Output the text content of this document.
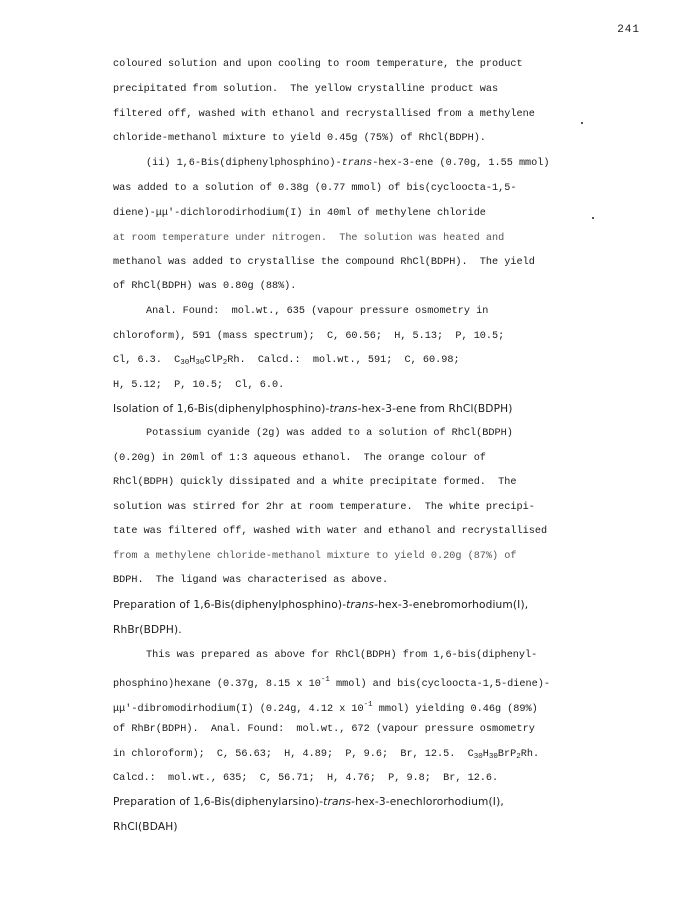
241
coloured solution and upon cooling to room temperature, the product
precipitated from solution.  The yellow crystalline product was
filtered off, washed with ethanol and recrystallised from a methylene
chloride-methanol mixture to yield 0.45g (75%) of RhCl(BDPH).
(ii) 1,6-Bis(diphenylphosphino)-trans-hex-3-ene (0.70g, 1.55 mmol)
was added to a solution of 0.38g (0.77 mmol) of bis(cycloocta-1,5-
diene)-μμ'-dichlorodirhodium(I) in 40ml of methylene chloride
at room temperature under nitrogen.  The solution was heated and
methanol was added to crystallise the compound RhCl(BDPH).  The yield
of RhCl(BDPH) was 0.80g (88%).
Anal. Found:  mol.wt., 635 (vapour pressure osmometry in
chloroform), 591 (mass spectrum);  C, 60.56;  H, 5.13;  P, 10.5;
Cl, 6.3.  $C_{30}H_{30}ClP_2Rh$.  Calcd.:  mol.wt., 591;  C, 60.98;
H, 5.12;  P, 10.5;  Cl, 6.0.
Isolation of 1,6-Bis(diphenylphosphino)-trans-hex-3-ene from RhCl(BDPH)
Potassium cyanide (2g) was added to a solution of RhCl(BDPH)
(0.20g) in 20ml of 1:3 aqueous ethanol.  The orange colour of
RhCl(BDPH) quickly dissipated and a white precipitate formed.  The
solution was stirred for 2hr at room temperature.  The white precipi-
tate was filtered off, washed with water and ethanol and recrystallised
from a methylene chloride-methanol mixture to yield 0.20g (87%) of
BDPH.  The ligand was characterised as above.
Preparation of 1,6-Bis(diphenylphosphino)-trans-hex-3-enebromorhodium(I),
RhBr(BDPH).
This was prepared as above for RhCl(BDPH) from 1,6-bis(diphenyl-
phosphino)hexane (0.37g, 8.15 x $10^{-1}$ mmol) and bis(cycloocta-1,5-diene)-
μμ'-dibromodirhodium(I) (0.24g, 4.12 x $10^{-1}$ mmol) yielding 0.46g (89%)
of RhBr(BDPH).  Anal. Found:  mol.wt., 672 (vapour pressure osmometry
in chloroform);  C, 56.63;  H, 4.89;  P, 9.6;  Br, 12.5.  $C_{30}H_{30}BrP_2Rh$.
Calcd.:  mol.wt., 635;  C, 56.71;  H, 4.76;  P, 9.8;  Br, 12.6.
Preparation of 1,6-Bis(diphenylarsino)-trans-hex-3-enechlororhodium(I),
RhCl(BDAH)
